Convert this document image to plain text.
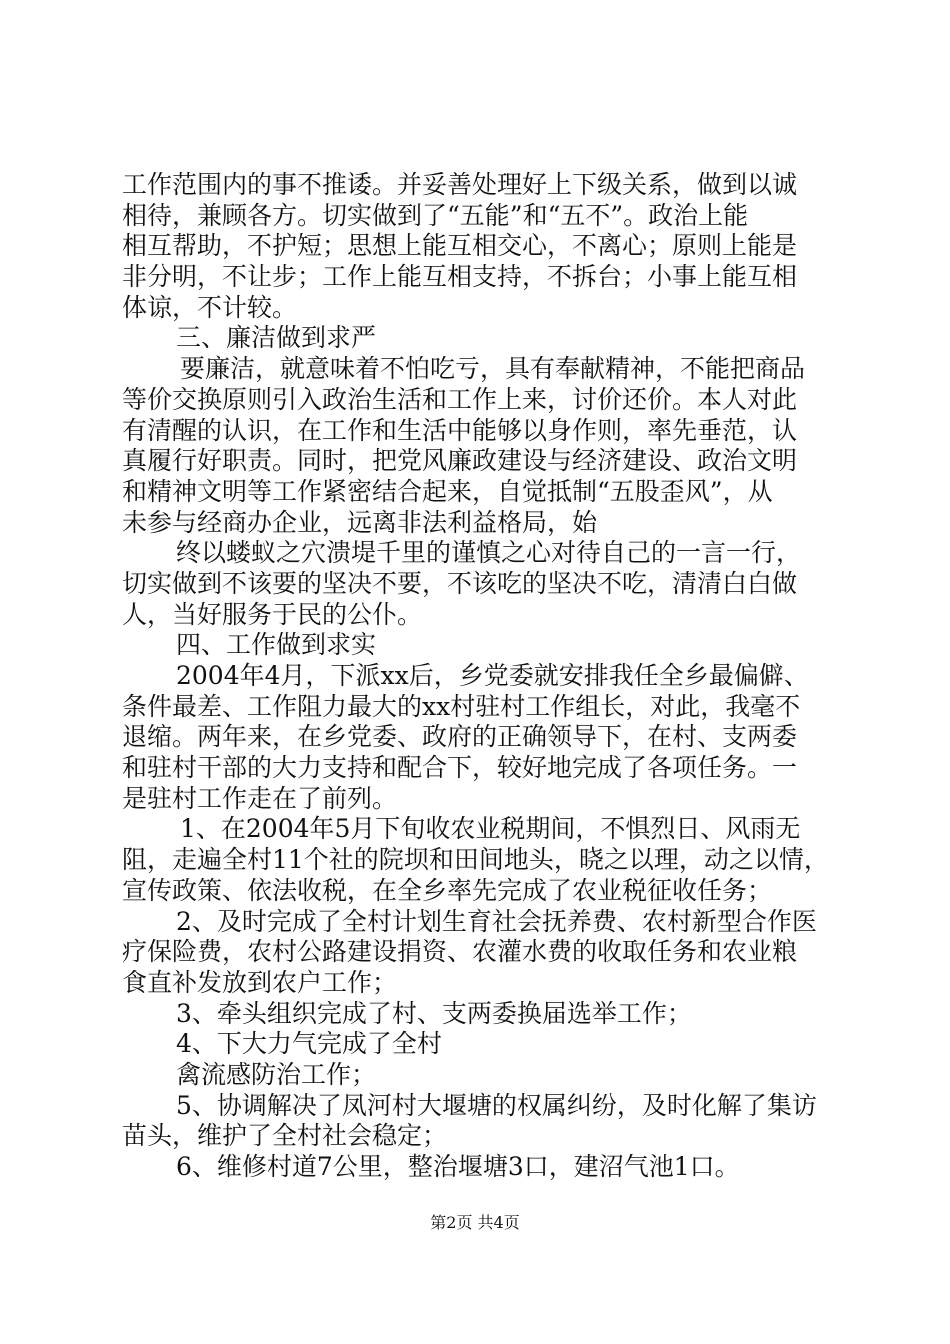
工作范围内的事不推诿。并妥善处理好上下级关系，做到以诚
相待，兼顾各方。切实做到了“五能”和“五不”。政治上能
相互帮助，不护短；思想上能互相交心，不离心；原则上能是
非分明，不让步；工作上能互相支持，不拆台；小事上能互相
体谅，不计较。
三、廉洁做到求严
要廉洁，就意味着不怕吃亏，具有奉献精神，不能把商品
等价交换原则引入政治生活和工作上来，讨价还价。本人对此
有清醒的认识，在工作和生活中能够以身作则，率先垂范，认
真履行好职责。同时，把党风廉政建设与经济建设、政治文明
和精神文明等工作紧密结合起来，自觉抵制“五股歪风”，从
未参与经商办企业，远离非法利益格局，始
终以蝼蚁之穴溃堤千里的谨慎之心对待自己的一言一行，
切实做到不该要的坚决不要，不该吃的坚决不吃，清清白白做
人，当好服务于民的公仆。
四、工作做到求实
2004年4月，下派xx后，乡党委就安排我任全乡最偏僻、
条件最差、工作阻力最大的xx村驻村工作组长，对此，我毫不
退缩。两年来，在乡党委、政府的正确领导下，在村、支两委
和驻村干部的大力支持和配合下，较好地完成了各项任务。一
是驻村工作走在了前列。
1、在2004年5月下旬收农业税期间，不惧烈日、风雨无
阻，走遍全村11个社的院坝和田间地头，晓之以理，动之以情，
宣传政策、依法收税，在全乡率先完成了农业税征收任务；
2、及时完成了全村计划生育社会抚养费、农村新型合作医
疗保险费，农村公路建设捐资、农灌水费的收取任务和农业粮
食直补发放到农户工作；
3、牵头组织完成了村、支两委换届选举工作；
4、下大力气完成了全村
禽流感防治工作；
5、协调解决了凤河村大堰塘的权属纠纷，及时化解了集访
苗头，维护了全村社会稳定；
6、维修村道7公里，整治堰塘3口，建沼气池1口。
第2页 共4页
